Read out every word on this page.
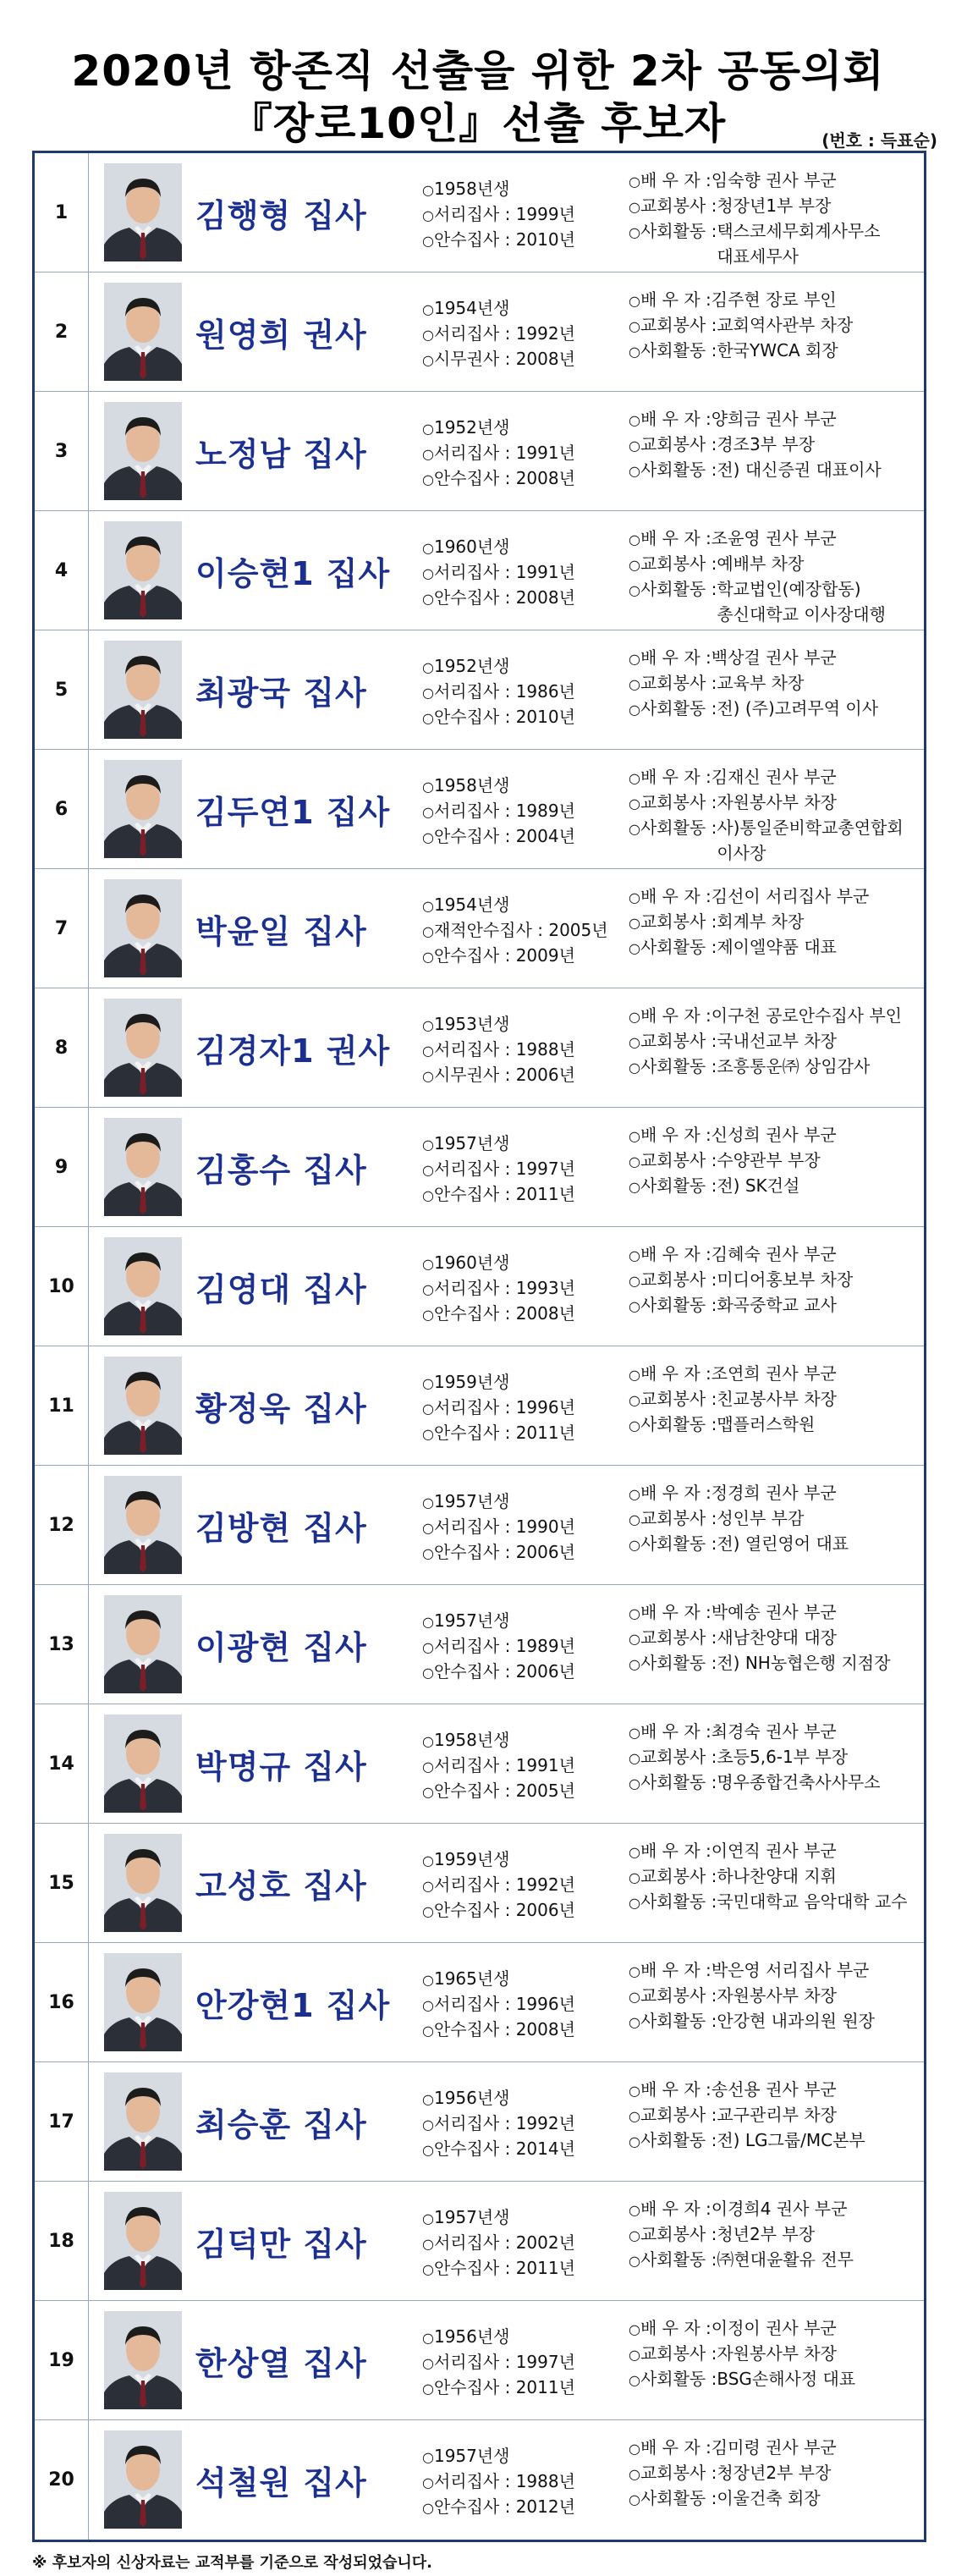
2020년 항존직 선출을 위한 2차 공동의회
『장로10인』선출 후보자	(번호 : 득표순)
1	김행형 집사
○1958년생
○서리집사 : 1999년
○안수집사 : 2010년
○배 우 자 : 임숙향 권사 부군
○교회봉사 : 청장년1부 부장
○사회활동 : 택스코세무회계사무소
대표세무사
2	원영희 권사
○1954년생
○서리집사 : 1992년
○시무권사 : 2008년
○배 우 자 : 김주현 장로 부인
○교회봉사 : 교회역사관부 차장
○사회활동 : 한국YWCA 회장
3	노정남 집사
○1952년생
○서리집사 : 1991년
○안수집사 : 2008년
○배 우 자 : 양희금 권사 부군
○교회봉사 : 경조3부 부장
○사회활동 : 전) 대신증권 대표이사
4	이승현1 집사
○1960년생
○서리집사 : 1991년
○안수집사 : 2008년
○배 우 자 : 조윤영 권사 부군
○교회봉사 : 예배부 차장
○사회활동 : 학교법인(예장합동)
총신대학교 이사장대행
5	최광국 집사
○1952년생
○서리집사 : 1986년
○안수집사 : 2010년
○배 우 자 : 백상걸 권사 부군
○교회봉사 : 교육부 차장
○사회활동 : 전) (주)고려무역 이사
6	김두연1 집사
○1958년생
○서리집사 : 1989년
○안수집사 : 2004년
○배 우 자 : 김재신 권사 부군
○교회봉사 : 자원봉사부 차장
○사회활동 : 사)통일준비학교총연합회
이사장
7	박윤일 집사
○1954년생
○재적안수집사 : 2005년
○안수집사 : 2009년
○배 우 자 : 김선이 서리집사 부군
○교회봉사 : 회계부 차장
○사회활동 : 제이엘약품 대표
8	김경자1 권사
○1953년생
○서리집사 : 1988년
○시무권사 : 2006년
○배 우 자 : 이구천 공로안수집사 부인
○교회봉사 : 국내선교부 차장
○사회활동 : 조흥통운㈜ 상임감사
9	김홍수 집사
○1957년생
○서리집사 : 1997년
○안수집사 : 2011년
○배 우 자 : 신성희 권사 부군
○교회봉사 : 수양관부 부장
○사회활동 : 전) SK건설
10	김영대 집사
○1960년생
○서리집사 : 1993년
○안수집사 : 2008년
○배 우 자 : 김혜숙 권사 부군
○교회봉사 : 미디어홍보부 차장
○사회활동 : 화곡중학교 교사
11	황정욱 집사
○1959년생
○서리집사 : 1996년
○안수집사 : 2011년
○배 우 자 : 조연희 권사 부군
○교회봉사 : 친교봉사부 차장
○사회활동 : 맵플러스학원
12	김방현 집사
○1957년생
○서리집사 : 1990년
○안수집사 : 2006년
○배 우 자 : 정경희 권사 부군
○교회봉사 : 성인부 부감
○사회활동 : 전) 열린영어 대표
13	이광현 집사
○1957년생
○서리집사 : 1989년
○안수집사 : 2006년
○배 우 자 : 박예송 권사 부군
○교회봉사 : 새남찬양대 대장
○사회활동 : 전) NH농협은행 지점장
14	박명규 집사
○1958년생
○서리집사 : 1991년
○안수집사 : 2005년
○배 우 자 : 최경숙 권사 부군
○교회봉사 : 초등5,6-1부 부장
○사회활동 : 명우종합건축사사무소
15	고성호 집사
○1959년생
○서리집사 : 1992년
○안수집사 : 2006년
○배 우 자 : 이연직 권사 부군
○교회봉사 : 하나찬양대 지휘
○사회활동 : 국민대학교 음악대학 교수
16	안강현1 집사
○1965년생
○서리집사 : 1996년
○안수집사 : 2008년
○배 우 자 : 박은영 서리집사 부군
○교회봉사 : 자원봉사부 차장
○사회활동 : 안강현 내과의원 원장
17	최승훈 집사
○1956년생
○서리집사 : 1992년
○안수집사 : 2014년
○배 우 자 : 송선용 권사 부군
○교회봉사 : 교구관리부 차장
○사회활동 : 전) LG그룹/MC본부
18	김덕만 집사
○1957년생
○서리집사 : 2002년
○안수집사 : 2011년
○배 우 자 : 이경희4 권사 부군
○교회봉사 : 청년2부 부장
○사회활동 : ㈜현대윤활유 전무
19	한상열 집사
○1956년생
○서리집사 : 1997년
○안수집사 : 2011년
○배 우 자 : 이정이 권사 부군
○교회봉사 : 자원봉사부 차장
○사회활동 : BSG손해사정 대표
20	석철원 집사
○1957년생
○서리집사 : 1988년
○안수집사 : 2012년
○배 우 자 : 김미령 권사 부군
○교회봉사 : 청장년2부 부장
○사회활동 : 이울건축 회장
※ 후보자의 신상자료는 교적부를 기준으로 작성되었습니다.
